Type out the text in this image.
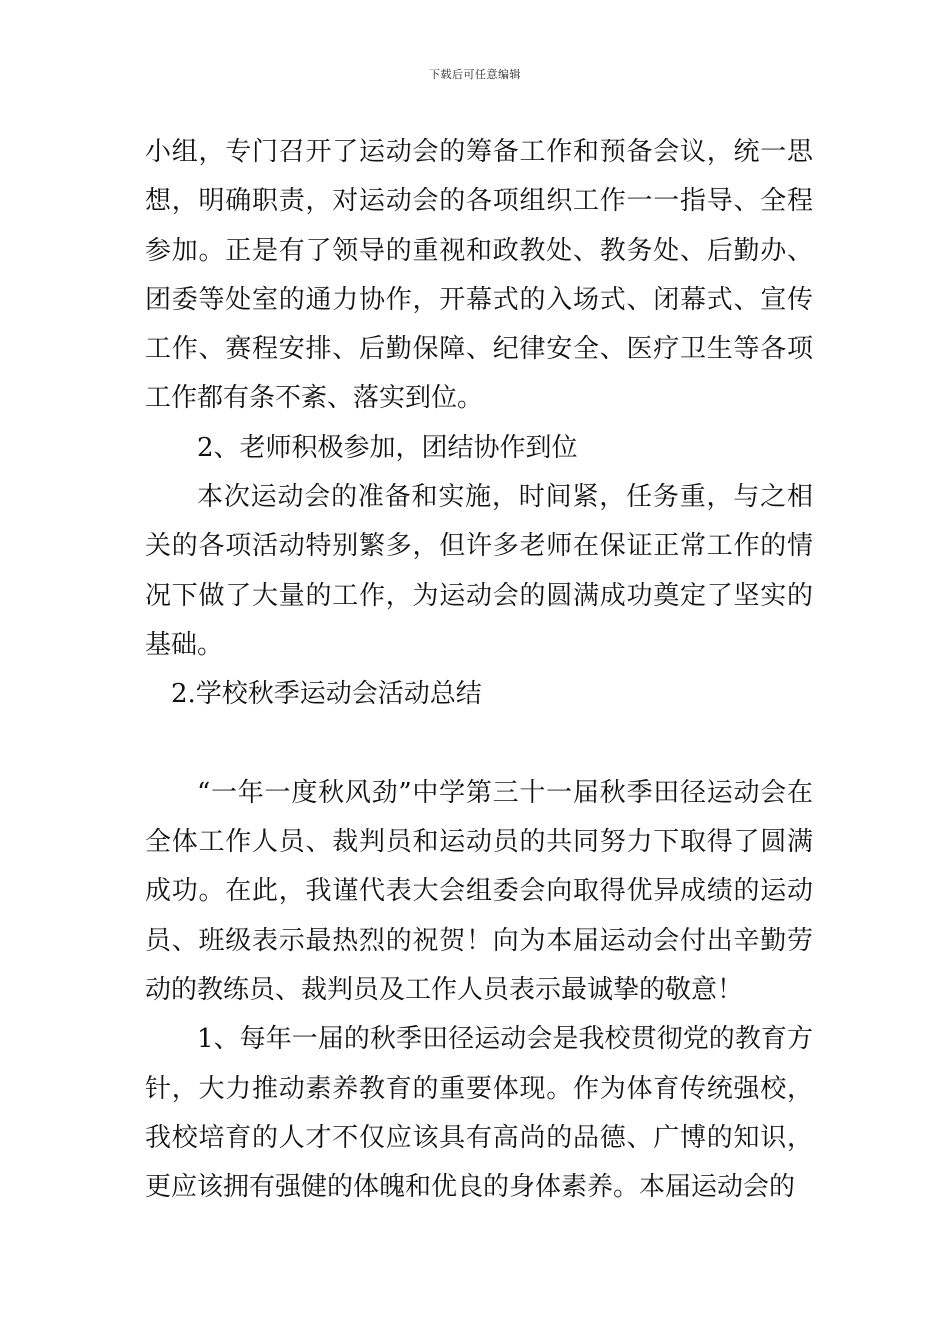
下载后可任意编辑

小组，专门召开了运动会的筹备工作和预备会议，统一思想，明确职责，对运动会的各项组织工作一一指导、全程参加。正是有了领导的重视和政教处、教务处、后勤办、团委等处室的通力协作，开幕式的入场式、闭幕式、宣传工作、赛程安排、后勤保障、纪律安全、医疗卫生等各项工作都有条不紊、落实到位。

2、老师积极参加，团结协作到位

本次运动会的准备和实施，时间紧，任务重，与之相关的各项活动特别繁多，但许多老师在保证正常工作的情况下做了大量的工作，为运动会的圆满成功奠定了坚实的基础。

2.学校秋季运动会活动总结

“一年一度秋风劲”中学第三十一届秋季田径运动会在全体工作人员、裁判员和运动员的共同努力下取得了圆满成功。在此，我谨代表大会组委会向取得优异成绩的运动员、班级表示最热烈的祝贺！向为本届运动会付出辛勤劳动的教练员、裁判员及工作人员表示最诚挚的敬意！

1、每年一届的秋季田径运动会是我校贯彻党的教育方针，大力推动素养教育的重要体现。作为体育传统强校，我校培育的人才不仅应该具有高尚的品德、广博的知识，更应该拥有强健的体魄和优良的身体素养。本届运动会的
